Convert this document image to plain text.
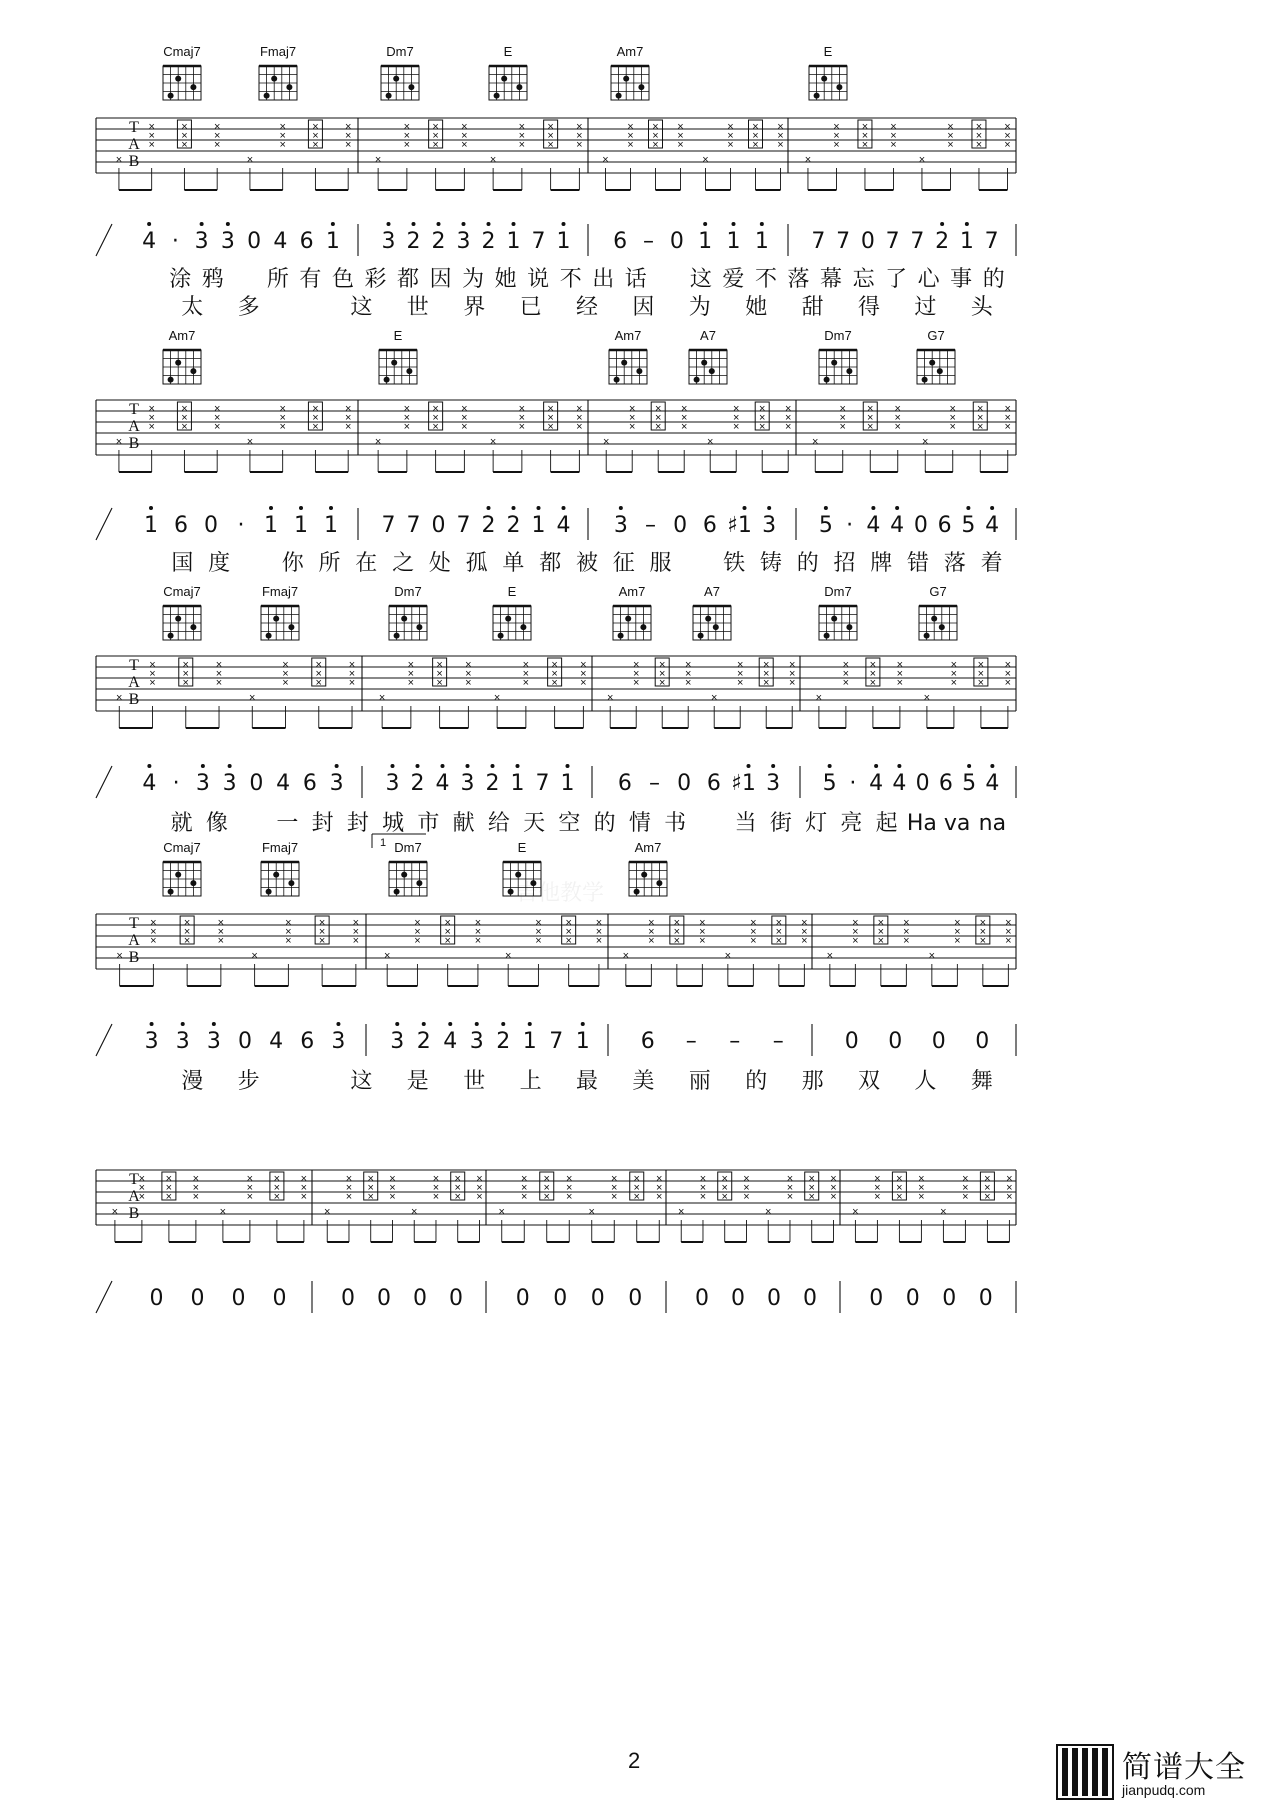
T
A
B
×
×
×
×
×
×
×
×
×
×
×
×
×
×
×
×
×
×
×
×
×
×
×
×
×
×
×
×
×
×
×
×
×
×
×
×
×
×
×
×
×
×
×
×
×
×
×
×
×
×
×
×
×
×
×
×
×
×
×
×
×
×
×
×
×
×
×
×
×
×
×
×
×
×
×
×
×
×
×
×
Cmaj7	Fmaj7	Dm7	E	Am7	E
4 · 3 3 0 4 6 1 3 2 2 3 2 1 7 1 6 – 0 1 1 1 7 7 0 7 7 2 1 7
涂 鸦 所 有 色 彩 都 因 为 她 说 不 出 话 这 爱 不 落 幕 忘 了 心 事 的
太 多	这 世 界 已 经 因 为 她 甜 得 过 头
T
A
B
×
×
×
×
×
×
×
×
×
×
×
×
×
×
×
×
×
×
×
×
×
×
×
×
×
×
×
×
×
×
×
×
×
×
×
×
×
×
×
×
×
×
×
×
×
×
×
×
×
×
×
×
×
×
×
×
×
×
×
×
×
×
×
×
×
×
×
×
×
×
×
×
×
×
×
×
×
×
×
×
Am7	E	Am7	A7	Dm7	G7
1 6 0 · 1 1 1 7 7 0 7 2 2 1 4 3 – 0 6 ♯1 3 5 · 4 4 0 6 5 4
国 度 你 所 在 之 处 孤 单 都 被 征 服 铁 铸 的 招 牌 错 落 着
T
A
B
×
×
×
×
×
×
×
×
×
×
×
×
×
×
×
×
×
×
×
×
×
×
×
×
×
×
×
×
×
×
×
×
×
×
×
×
×
×
×
×
×
×
×
×
×
×
×
×
×
×
×
×
×
×
×
×
×
×
×
×
×
×
×
×
×
×
×
×
×
×
×
×
×
×
×
×
×
×
×
×
Cmaj7	Fmaj7	Dm7	E	Am7	A7	Dm7	G7
4 · 3 3 0 4 6 3 3 2 4 3 2 1 7 1 6 – 0 6 ♯1 3 5 · 4 4 0 6 5 4
就 像 一 封 封 城 市 献 给 天 空 的 情 书 当 街 灯 亮 起 Ha va na
T
A
B
×
×
×
×
×
×
×
×
×
×
×
×
×
×
×
×
×
×
×
×
×
×
×
×
×
×
×
×
×
×
×
×
×
×
×
×
×
×
×
×
×
×
×
×
×
×
×
×
×
×
×
×
×
×
×
×
×
×
×
×
×
×
×
×
×
×
×
×
×
×
×
×
×
×
×
×
×
×
×
×
Cmaj7	Fmaj7	Dm7	E	Am7
1
3 3 3 0 4 6 3 3 2 4 3 2 1 7 1 6 – – –	0 0 0 0
漫 步	这 是 世 上 最 美 丽 的 那 双 人 舞
T
A
B
×
×
×
×
×
×
×
×
×
×
×
×
×
×
×
×
×
×
×
×
×
×
×
×
×
×
×
×
×
×
×
×
×
×
×
×
×
×
×
×
×
×
×
×
×
×
×
×
×
×
×
×
×
×
×
×
×
×
×
×
×
×
×
×
×
×
×
×
×
×
×
×
×
×
×
×
×
×
×
×
×
×
×
×
×
×
×
×
×
×
×
×
×
×
×
×
×
×
×
×
0 0 0 0 0 0 0 0 0 0 0 0 0 0 0 0 0 0 0 0
吉他教学
2	简谱大全
jianpudq.com
